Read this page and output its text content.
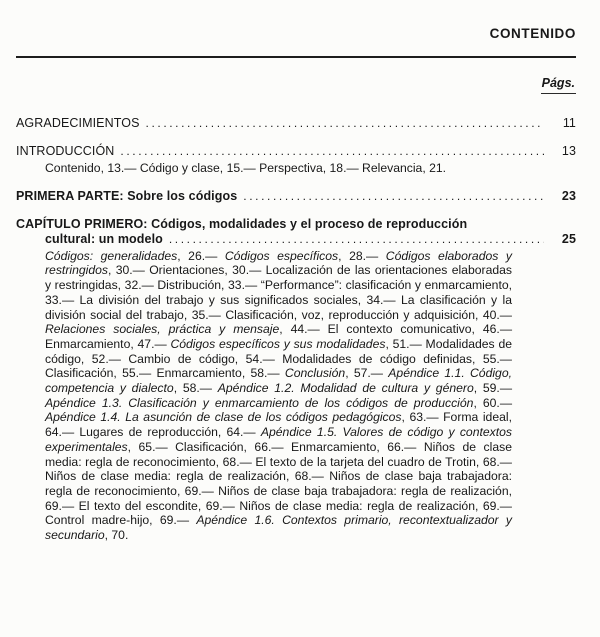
CONTENIDO
Págs.
AGRADECIMIENTOS .....	11
INTRODUCCIÓN .....	13

Contenido, 13.— Código y clase, 15.— Perspectiva, 18.— Relevancia, 21.

PRIMERA PARTE: Sobre los códigos .....	23
CAPÍTULO PRIMERO: Códigos, modalidades y el proceso de reproducción
cultural: un modelo .....	25

Códigos: generalidades, 26.— Códigos específicos, 28.— Códigos elaborados y restringidos, 30.— Orientaciones, 30.— Localización de las orientaciones elaboradas y restringidas, 32.— Distribución, 33.— “Performance”: clasificación y enmarcamiento, 33.— La división del trabajo y sus significados sociales, 34.— La clasificación y la división social del trabajo, 35.— Clasificación, voz, reproducción y adquisición, 40.— Relaciones sociales, práctica y mensaje, 44.— El contexto comunicativo, 46.— Enmarcamiento, 47.— Códigos específicos y sus modalidades, 51.— Modalidades de código, 52.— Cambio de código, 54.— Modalidades de código definidas, 55.— Clasificación, 55.— Enmarcamiento, 58.— Conclusión, 57.— Apéndice 1.1. Código, competencia y dialecto, 58.— Apéndice 1.2. Modalidad de cultura y género, 59.— Apéndice 1.3. Clasificación y enmarcamiento de los códigos de producción, 60.— Apéndice 1.4. La asunción de clase de los códigos pedagógicos, 63.— Forma ideal, 64.— Lugares de reproducción, 64.— Apéndice 1.5. Valores de código y contextos experimentales, 65.— Clasificación, 66.— Enmarcamiento, 66.— Niños de clase media: regla de reconocimiento, 68.— El texto de la tarjeta del cuadro de Trotin, 68.— Niños de clase media: regla de realización, 68.— Niños de clase baja trabajadora: regla de reconocimiento, 69.— Niños de clase baja trabajadora: regla de realización, 69.— El texto del escondite, 69.— Niños de clase media: regla de realización, 69.— Control madre-hijo, 69.— Apéndice 1.6. Contextos primario, recontextualizador y secundario, 70.
